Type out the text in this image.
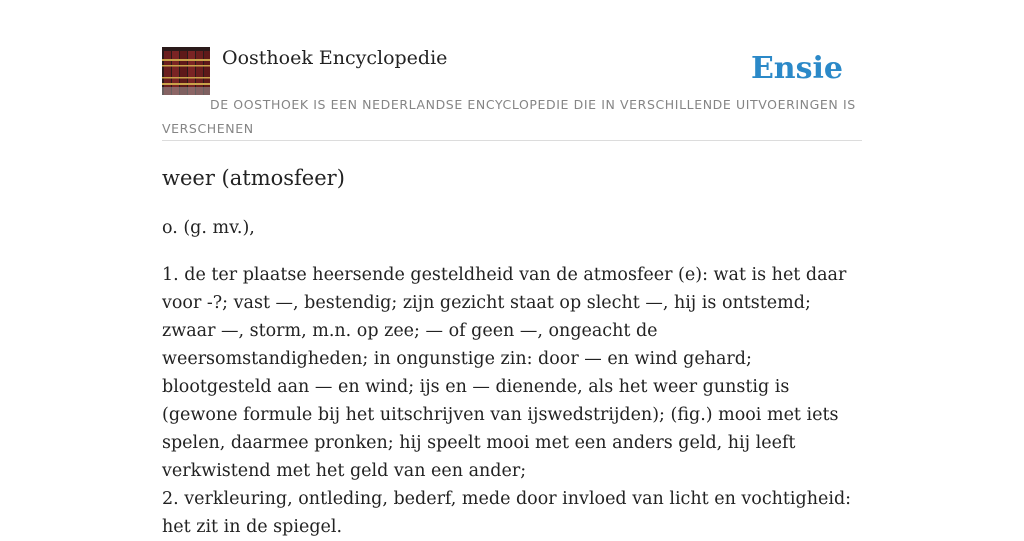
Oosthoek Encyclopedie	Ensie

DE OOSTHOEK IS EEN NEDERLANDSE ENCYCLOPEDIE DIE IN VERSCHILLENDE UITVOERINGEN IS VERSCHENEN

weer (atmosfeer)

o. (g. mv.),

1. de ter plaatse heersende gesteldheid van de atmosfeer (e): wat is het daar voor -?; vast —, bestendig; zijn gezicht staat op slecht —, hij is ontstemd; zwaar —, storm, m.n. op zee; — of geen —, ongeacht de weersomstandigheden; in ongunstige zin: door — en wind gehard; blootgesteld aan — en wind; ijs en — dienende, als het weer gunstig is (gewone formule bij het uitschrijven van ijswedstrijden); (fig.) mooi met iets spelen, daarmee pronken; hij speelt mooi met een anders geld, hij leeft verkwistend met het geld van een ander;
2. verkleuring, ontleding, bederf, mede door invloed van licht en vochtigheid: het zit in de spiegel.
